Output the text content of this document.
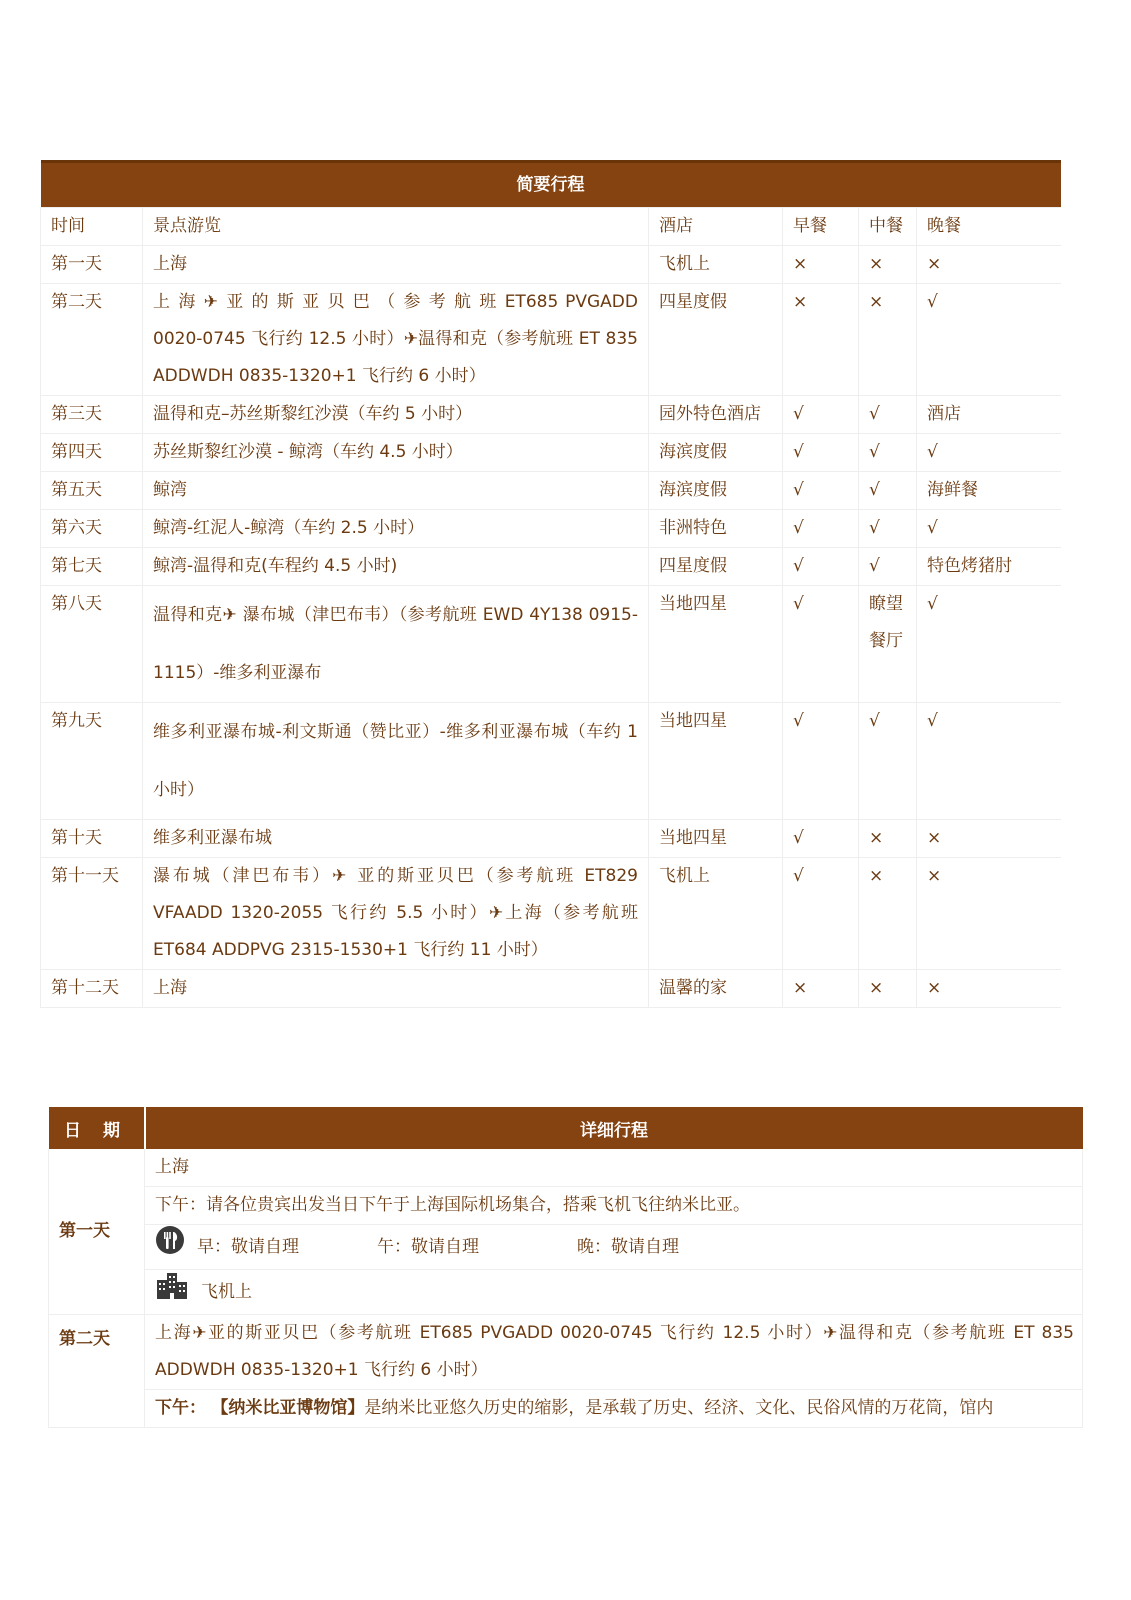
简要行程					
时间	景点游览	酒店	早餐	中餐	晚餐
第一天	上海	飞机上	×	×	×
第二天	上 海 ✈ 亚 的 斯 亚 贝 巴 （ 参 考 航 班 ET685 PVGADD 0020-0745 飞行约 12.5 小时）✈温得和克（参考航班 ET 835 ADDWDH 0835-1320+1 飞行约 6 小时）	四星度假	×	×	√
第三天	温得和克–苏丝斯黎红沙漠（车约 5 小时）	园外特色酒店	√	√	酒店
第四天	苏丝斯黎红沙漠 - 鲸湾（车约 4.5 小时）	海滨度假	√	√	√
第五天	鲸湾	海滨度假	√	√	海鲜餐
第六天	鲸湾-红泥人-鲸湾（车约 2.5 小时）	非洲特色	√	√	√
第七天	鲸湾-温得和克(车程约 4.5 小时)	四星度假	√	√	特色烤猪肘
第八天	温得和克✈ 瀑布城（津巴布韦）（参考航班 EWD 4Y138 0915-1115）-维多利亚瀑布	当地四星	√	瞭望餐厅	√
第九天	维多利亚瀑布城-利文斯通（赞比亚）-维多利亚瀑布城（车约 1 小时）	当地四星	√	√	√
第十天	维多利亚瀑布城	当地四星	√	×	×
第十一天	瀑布城（津巴布韦）✈ 亚的斯亚贝巴（参考航班 ET829 VFAADD 1320-2055 飞行约 5.5 小时）✈上海（参考航班 ET684 ADDPVG 2315-1530+1 飞行约 11 小时）	飞机上	√	×	×
第十二天	上海	温馨的家	×	×	×
日 期	详细行程
第一天	上海
	下午：请各位贵宾出发当日下午于上海国际机场集合，搭乘飞机飞往纳米比亚。
	早：敬请自理 午：敬请自理 晚：敬请自理
	飞机上
第二天	上海✈亚的斯亚贝巴（参考航班 ET685 PVGADD 0020-0745 飞行约 12.5 小时）✈温得和克（参考航班 ET 835 ADDWDH 0835-1320+1 飞行约 6 小时）
	下午： 【纳米比亚博物馆】是纳米比亚悠久历史的缩影，是承载了历史、经济、文化、民俗风情的万花筒，馆内
